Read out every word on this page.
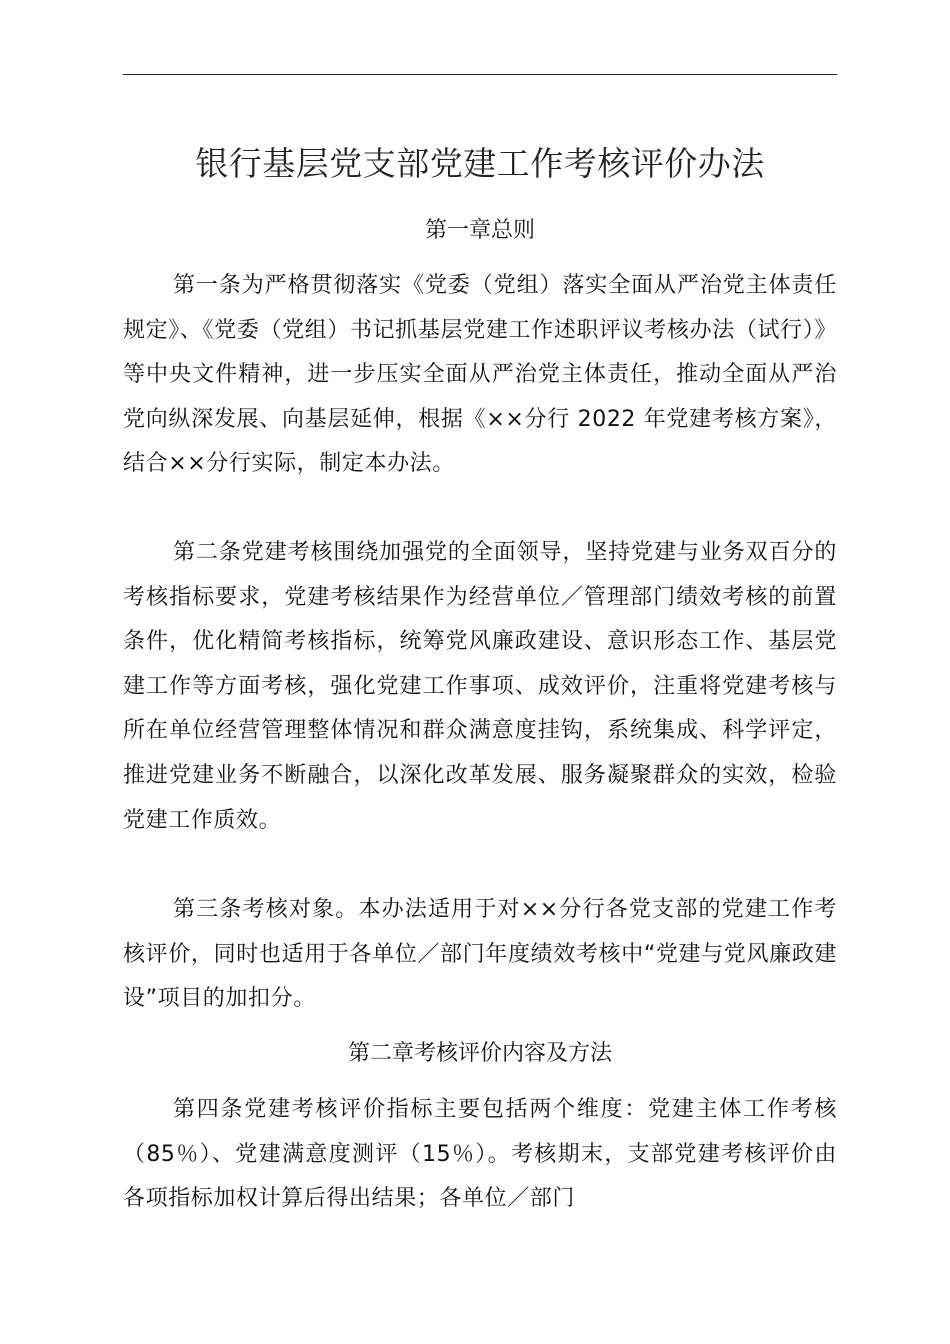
银行基层党支部党建工作考核评价办法
第一章总则

第一条为严格贯彻落实《党委（党组）落实全面从严治党主体责任规定》、《党委（党组）书记抓基层党建工作述职评议考核办法（试行）》等中央文件精神，进一步压实全面从严治党主体责任，推动全面从严治党向纵深发展、向基层延伸，根据《××分行 2022 年党建考核方案》，结合××分行实际，制定本办法。

第二条党建考核围绕加强党的全面领导，坚持党建与业务双百分的考核指标要求，党建考核结果作为经营单位／管理部门绩效考核的前置条件，优化精简考核指标，统筹党风廉政建设、意识形态工作、基层党建工作等方面考核，强化党建工作事项、成效评价，注重将党建考核与所在单位经营管理整体情况和群众满意度挂钩，系统集成、科学评定，推进党建业务不断融合，以深化改革发展、服务凝聚群众的实效，检验党建工作质效。

第三条考核对象。本办法适用于对××分行各党支部的党建工作考核评价，同时也适用于各单位／部门年度绩效考核中“党建与党风廉政建设”项目的加扣分。

第二章考核评价内容及方法

第四条党建考核评价指标主要包括两个维度：党建主体工作考核（85％）、党建满意度测评（15％）。考核期末，支部党建考核评价由各项指标加权计算后得出结果；各单位／部门
